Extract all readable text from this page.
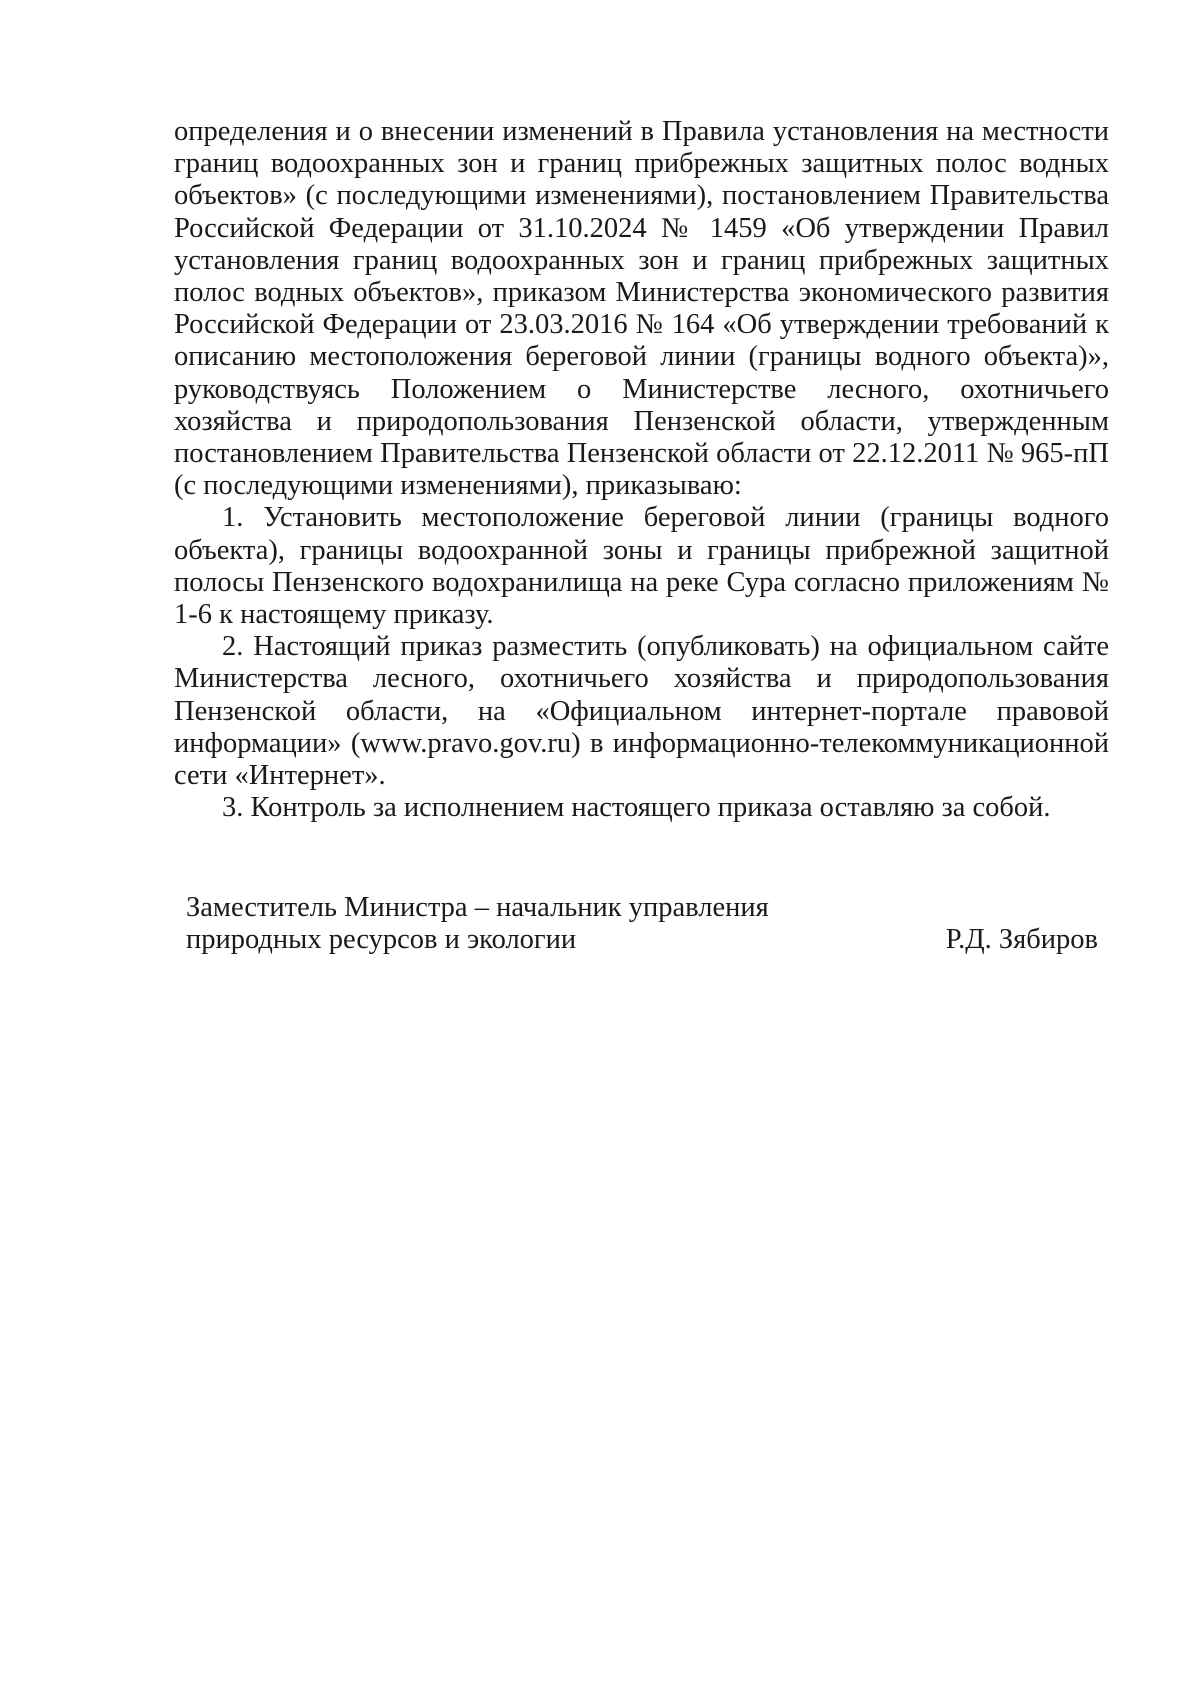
определения и о внесении изменений в Правила установления на местности границ водоохранных зон и границ прибрежных защитных полос водных объектов» (с последующими изменениями), постановлением Правительства Российской Федерации от 31.10.2024 № 1459 «Об утверждении Правил установления границ водоохранных зон и границ прибрежных защитных полос водных объектов», приказом Министерства экономического развития Российской Федерации от 23.03.2016 № 164 «Об утверждении требований к описанию местоположения береговой линии (границы водного объекта)», руководствуясь Положением о Министерстве лесного, охотничьего хозяйства и природопользования Пензенской области, утвержденным постановлением Правительства Пензенской области от 22.12.2011 № 965-пП (с последующими изменениями), приказываю:

1. Установить местоположение береговой линии (границы водного объекта), границы водоохранной зоны и границы прибрежной защитной полосы Пензенского водохранилища на реке Сура согласно приложениям № 1-6 к настоящему приказу.

2. Настоящий приказ разместить (опубликовать) на официальном сайте Министерства лесного, охотничьего хозяйства и природопользования Пензенской области, на «Официальном интернет-портале правовой информации» (www.pravo.gov.ru) в информационно-телекоммуникационной сети «Интернет».

3. Контроль за исполнением настоящего приказа оставляю за собой.

Заместитель Министра – начальник управления
природных ресурсов и экологии	Р.Д. Зябиров
